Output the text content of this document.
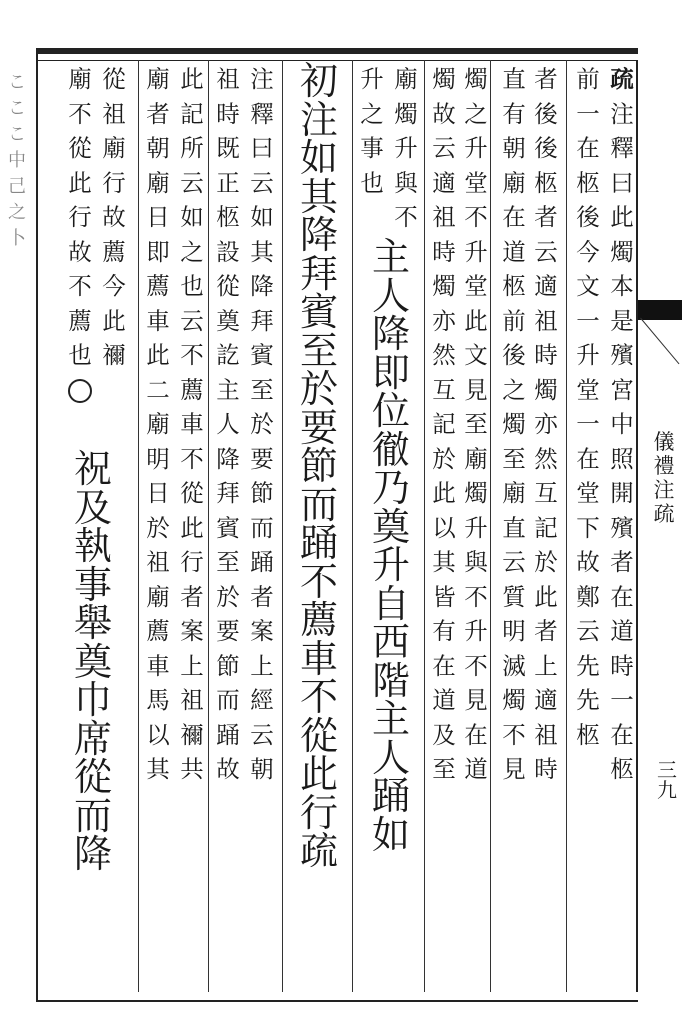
疏
注
釋
曰
此
燭
本
是
殯
宮
中
照
開
殯
者
在
道
時
一
在
柩
前
一
在
柩
後
今
文
一
升
堂
一
在
堂
下
故
鄭
云
先
先
柩
者
後
後
柩
者
云
適
祖
時
燭
亦
然
互
記
於
此
者
上
適
祖
時
直
有
朝
廟
在
道
柩
前
後
之
燭
至
廟
直
云
質
明
滅
燭
不
見
燭
之
升
堂
不
升
堂
此
文
見
至
廟
燭
升
與
不
升
不
見
在
道
燭
故
云
適
祖
時
燭
亦
然
互
記
於
此
以
其
皆
有
在
道
及
至
廟
燭
升
與
不
升
之
事
也
主
人
降
即
位
徹
乃
奠
升
自
西
階
主
人
踊
如
初
注
如
其
降
拜
賓
至
於
要
節
而
踊
不
薦
車
不
從
此
行
疏
注
釋
曰
云
如
其
降
拜
賓
至
於
要
節
而
踊
者
案
上
經
云
朝
祖
時
既
正
柩
設
從
奠
訖
主
人
降
拜
賓
至
於
要
節
而
踊
故
此
記
所
云
如
之
也
云
不
薦
車
不
從
此
行
者
案
上
祖
禰
共
廟
者
朝
廟
日
即
薦
車
此
二
廟
明
日
於
祖
廟
薦
車
馬
以
其
從
祖
廟
行
故
薦
今
此
禰
廟
不
從
此
行
故
不
薦
也
祝
及
執
事
舉
奠
巾
席
從
而
降
儀
禮
注
疏
三
九
こ
こ
こ
中
己
之
卜
